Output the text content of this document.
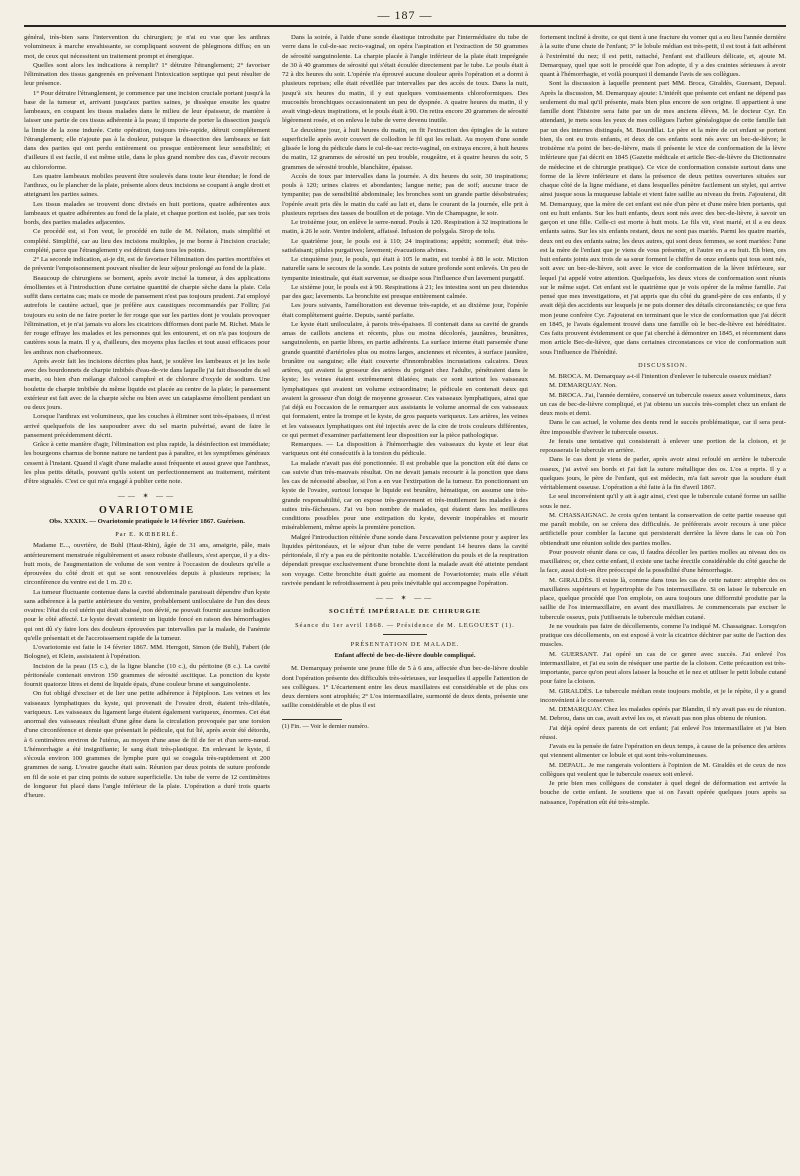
— 187 —

général, très-bien sans l'intervention du chirurgien; je n'ai eu vue que les anthrax volumineux à marche envahissante, se compliquant souvent de phlegmons diffus; en un mot, de ceux qui nécessitent un traitement prompt et énergique.

Quelles sont alors les indications à remplir? 1° détruire l'étranglement; 2° favoriser l'élimination des tissus gangrenés en prévenant l'intoxication septique qui peut résulter de leur présence.

1° Pour détruire l'étranglement, je commence par une incision cruciale portant jusqu'à la base de la tumeur et, arrivant jusqu'aux parties saines, je dissèque ensuite les quatre lambeaux, en coupant les tissus malades dans le milieu de leur épaisseur, de manière à laisser une partie de ces tissus adhérente à la peau; il importe de porter la dissection jusqu'à la limite de la zone indurée. Cette opération, toujours très-rapide, détruit complétement l'étranglement; elle n'ajoute pas à la douleur, puisque la dissection des lambeaux se fait dans des parties qui ont perdu entièrement ou presque entièrement leur sensibilité; et d'ailleurs il est facile, il est même utile, dans le plus grand nombre des cas, d'avoir recours au chloroforme.

Les quatre lambeaux mobiles peuvent être soulevés dans toute leur étendue; le fond de l'anthrax, ou le plancher de la plaie, présente alors deux incisions se coupant à angle droit et atteignant les parties saines.

Les tissus malades se trouvent donc divisés en huit portions, quatre adhérentes aux lambeaux et quatre adhérentes au fond de la plaie, et chaque portion est isolée, par ses trois bords, des parties malades adjacentes.

Ce procédé est, si l'on veut, le procédé en tuile de M. Nélaton, mais simplifié et complété. Simplifié, car au lieu des incisions multiples, je me borne à l'incision cruciale; complété, parce que l'étranglement y est détruit dans tous les points.

2° La seconde indication, ai-je dit, est de favoriser l'élimination des parties mortifiées et de prévenir l'empoisonnement pouvant résulter de leur séjour prolongé au fond de la plaie.

Beaucoup de chirurgiens se bornent, après avoir incisé la tumeur, à des applications émollientes et à l'introduction d'une certaine quantité de charpie sèche dans la plaie. Cela suffit dans certains cas; mais ce mode de pansement n'est pas toujours prudent. J'ai employé autrefois le cautère actuel, que je préfère aux caustiques recommandés par Follin; j'ai toujours eu soin de ne faire porter le fer rouge que sur les parties dont je voulais provoquer l'élimination, et je n'ai jamais vu alors les cicatrices difformes dont parle M. Richet. Mais le fer rouge effraye les malades et les personnes qui les entourent, et on n'a pas toujours de cautères sous la main. Il y a, d'ailleurs, des moyens plus faciles et tout aussi efficaces pour les anthrax non charbonneux.

Après avoir fait les incisions décrites plus haut, je soulève les lambeaux et je les isole avec des bourdonnets de charpie imbibés d'eau-de-vie dans laquelle j'ai fait dissoudre du sel marin, ou bien d'un mélange d'alcool camphré et de chlorure d'oxyde de sodium. Une boulette de charpie imbibée du même liquide est placée au centre de la plaie; le pansement extérieur est fait avec de la charpie sèche ou bien avec un cataplasme émollient pendant un ou deux jours.

Lorsque l'anthrax est volumineux, que les couches à éliminer sont très-épaisses, il m'est arrivé quelquefois de les saupoudrer avec du sel marin pulvérisé, avant de faire le pansement précédemment décrit.

Grâce à cette manière d'agir, l'élimination est plus rapide, la désinfection est immédiate; les bourgeons charnus de bonne nature ne tardent pas à paraître, et les symptômes généraux cessent à l'instant. Quand il s'agit d'une maladie aussi fréquente et aussi grave que l'anthrax, les plus petits détails, pouvant qu'ils soient un perfectionnement au traitement, méritent d'être signalés. C'est ce qui m'a engagé à publier cette note.

—— ✶ ——
OVARIOTOMIE
Obs. XXXIX. — Ovariotomie pratiquée le 14 février 1867. Guérison.
Par E. KŒBERLÉ.

Madame E..., ouvrière, de Buhl (Haut-Rhin), âgée de 31 ans, amaigrie, pâle, mais antérieurement menstruée régulièrement et assez robuste d'ailleurs, s'est aperçue, il y a dix-huit mois, de l'augmentation de volume de son ventre à l'occasion de douleurs qu'elle a éprouvées du côté droit et qui se sont renouvelées depuis à plusieurs reprises; la circonférence du ventre est de 1 m. 20 c.

La tumeur fluctuante contenue dans la cavité abdominale paraissait dépendre d'un kyste sans adhérence à la partie antérieure du ventre, probablement uniloculaire de l'un des deux ovaires: l'état du col utérin qui était abaissé, non dévié, ne pouvait fournir aucune indication pour le côté affecté. Le kyste devait contenir un liquide foncé en raison des hémorrhagies qui ont dû s'y faire lors des douleurs éprouvées par intervalles par la malade, de l'anémie qu'elle présentait et de l'accroissement rapide de la tumeur.

L'ovariotomie est faite le 14 février 1867. MM. Herrgott, Simon (de Buhl), Fabert (de Bologne), et Klein, assistaient à l'opération.

Incision de la peau (15 c.), de la ligne blanche (10 c.), du péritoine (8 c.). La cavité péritonéale contenait environ 150 grammes de sérosité ascitique. La ponction du kyste fournit quatorze litres et demi de liquide épais, d'une couleur brune et sanguinolente.

On fut obligé d'exciser et de lier une petite adhérence à l'épiploon. Les veines et les vaisseaux lymphatiques du kyste, qui provenait de l'ovaire droit, étaient très-dilatés, variqueux. Les vaisseaux du ligament large étaient également variqueux, énormes. Cet état anormal des vaisseaux résultait d'une gêne dans la circulation provoquée par une torsion d'une circonférence et demie que présentait le pédicule, qui fut lié, après avoir été détordu, à 6 centimètres environ de l'utérus, au moyen d'une anse de fil de fer et d'un serre-nœud. L'hémorrhagie a été insignifiante; le sang était très-plastique. En enlevant le kyste, il s'écoula environ 100 grammes de lymphe pure qui se coagula très-rapidement et 200 grammes de sang. L'ovaire gauche était sain. Réunion par deux points de suture profonde en fil de soie et par cinq points de suture superficielle. Un tube de verre de 12 centimètres de longueur fut placé dans l'angle inférieur de la plaie. L'opération a duré trois quarts d'heure.

Dans la soirée, à l'aide d'une sonde élastique introduite par l'intermédiaire du tube de verre dans le cul-de-sac recto-vaginal, on opéra l'aspiration et l'extraction de 50 grammes de sérosité sanguinolente. La charpie placée à l'angle inférieur de la plaie était imprégnée de 30 à 40 grammes de sérosité qui s'était écoulée directement par le tube. Le pouls était à 72 à dix heures du soir. L'opérée n'a éprouvé aucune douleur après l'opération et a dormi à plusieurs reprises; elle était réveillée par intervalles par des accès de toux. Dans la nuit, jusqu'à six heures du matin, il y eut quelques vomissements chloroformiques. Des mucosités bronchiques occasionnaient un peu de dyspnée. A quatre heures du matin, il y avait vingt-deux inspirations, et le pouls était à 90. On retira encore 20 grammes de sérosité légèrement rosée, et on enleva le tube de verre devenu inutile.

Le deuxième jour, à huit heures du matin, on fit l'extraction des épingles de la suture superficielle après avoir couvert de collodion le fil qui les reliait. Au moyen d'une sonde glissée le long du pédicule dans le cul-de-sac recto-vaginal, on extraya encore, à huit heures du matin, 12 grammes de sérosité un peu trouble, rougeâtre, et à quatre heures du soir, 5 grammes de sérosité trouble, blanchâtre, épaisse.

Accès de toux par intervalles dans la journée. A dix heures du soir, 30 inspirations; pouls à 120; urines claires et abondantes; langue nette; pas de soif; aucune trace de tympanite; pas de sensibilité abdominale; les bronches sont un grande partie désobstruées; l'opérée avait pris dès le matin du café au lait et, dans le courant de la journée, elle prit à plusieurs reprises des tasses de bouillon et de potage. Vin de Champagne, le soir.

Le troisième jour, on enlève le serre-nœud. Pouls à 120. Respiration à 32 inspirations le matin, à 26 le soir. Ventre indolent, affaissé. Infusion de polygala. Sirop de tolu.

Le quatrième jour, le pouls est à 110; 24 inspirations; appétit; sommeil; état très-satisfaisant; pilules purgatives; lavement; évacuations alvines.

Le cinquième jour, le pouls, qui était à 105 le matin, est tombé à 88 le soir. Miction naturelle sans le secours de la sonde. Les points de suture profonde sont enlevés. Un peu de tympanite intestinale, qui était survenue, se dissipe sous l'influence d'un lavement purgatif.

Le sixième jour, le pouls est à 90. Respirations à 21; les intestins sont un peu distendus par des gaz; lavements. La bronchite est presque entièrement calmée.

Les jours suivants, l'amélioration est devenue très-rapide, et au dixième jour, l'opérée était complètement guérie. Depuis, santé parfaite.

Le kyste était uniloculaire, à parois très-épaisses. Il contenait dans sa cavité de grands amas de caillots anciens et récents, plus ou moins décolorés, jaunâtres, brunâtres, sanguinolents, en partie libres, en partie adhérents. La surface interne était parsemée d'une grande quantité d'artérioles plus ou moins larges, anciennes et récentes, à surface jaunâtre, brunâtre ou sanguine; elle était couverte d'innombrables incrustations calcaires. Deux artères, qui avaient la grosseur des artères du poignet chez l'adulte, pénétraient dans le kyste; les veines étaient extrêmement dilatées; mais ce sont surtout les vaisseaux lymphatiques qui avaient un volume extraordinaire; le pédicule en contenait deux qui avaient la grosseur d'un doigt de moyenne grosseur. Ces vaisseaux lymphatiques, ainsi que j'ai déjà eu l'occasion de le remarquer aux assistants le volume anormal de ces vaisseaux qui formaient, entre la trompe et le kyste, de gros paquets variqueux. Les artères, les veines et les vaisseaux lymphatiques ont été injectés avec de la cire de trois couleurs différentes, ce qui permet d'examiner parfaitement leur disposition sur la pièce pathologique.

Remarques. — La disposition à l'hémorrhagie des vaisseaux du kyste et leur état variqueux ont été consécutifs à la torsion du pédicule.

La malade n'avait pas été ponctionnée. Il est probable que la ponction eût été dans ce cas suivie d'un très-mauvais résultat. On ne devait jamais recourir à la ponction que dans les cas de nécessité absolue, si l'on a en vue l'extirpation de la tumeur. En ponctionnant un kyste de l'ovaire, surtout lorsque le liquide est brunâtre, hématique, on assume une très-grande responsabilité, car on expose très-gravement et très-inutilement les malades à des suites très-fâcheuses. J'ai vu bon nombre de malades, qui étaient dans les meilleures conditions possibles pour une extirpation du kyste, devenir inopérables et mourir misérablement, même après la première ponction.

Malgré l'introduction réitérée d'une sonde dans l'excavation pelvienne pour y aspirer les liquides péritonéaux, et le séjour d'un tube de verre pendant 14 heures dans la cavité péritonéale, il n'y a pas eu de péritonite notable. L'accélération du pouls et de la respiration dépendait presque exclusivement d'une bronchite dont la malade avait été atteinte pendant son voyage. Cette bronchite était guérie au moment de l'ovariotomie; mais elle s'était ravivée pendant le refroidissement à peu près inévitable qui accompagne l'opération.

—— ✶ ——
SOCIÉTÉ IMPÉRIALE DE CHIRURGIE
Séance du 1er avril 1868. — Présidence de M. LEGOUEST (1).
PRÉSENTATION DE MALADE.
Enfant affecté de bec-de-lièvre double compliqué.

M. Demarquay présente une jeune fille de 5 à 6 ans, affectée d'un bec-de-lièvre double dont l'opération présente des difficultés très-sérieuses, sur lesquelles il appelle l'attention de ses collègues. 1° L'écartement entre les deux maxillaires est considérable et de plus ces deux derniers sont atrophiés; 2° L'os intermaxillaire, surmonté de deux dents, présente une saillie considérable et de plus il est

(1) Fin. — Voir le dernier numéro.

fortement incliné à droite, ce qui tient à une fracture du vomer qui a eu lieu l'année dernière à la suite d'une chute de l'enfant; 3° le lobule médian est très-petit, il est tout à fait adhérent à l'extrémité du nez; il est petit, rattaché, l'enfant est d'ailleurs délicate, et, ajoute M. Demarquay, quel que soit le procédé que l'on adopte, il y a des craintes sérieuses à avoir quant à l'hémorrhagie, et voilà pourquoi il demande l'avis de ses collègues.

Sont la discussion à laquelle prennent part MM. Broca, Giraldès, Guersant, Depaul. Après la discussion, M. Demarquay ajoute: L'intérêt que présente cet enfant ne dépend pas seulement du mal qu'il présente, mais bien plus encore de son origine. Il appartient à une famille dont l'histoire sera faite par un de mes anciens élèves, M. le docteur Cyr. En attendant, je mets sous les yeux de mes collègues l'arbre généalogique de cette famille fait par un des internes distingués, M. Bourdillat. Le père et la mère de cet enfant se portent bien, ils ont eu trois enfants, et deux de ces enfants sont nés avec un bec-de-lièvre; le troisième n'a point de bec-de-lièvre, mais il présente le vice de conformation de la lèvre inférieure que j'ai décrit en 1845 (Gazette médicale et article Bec-de-lièvre du Dictionnaire de médecine et de chirurgie pratique). Ce vice de conformation consiste surtout dans une forme de la lèvre inférieure et dans la présence de deux petites ouvertures situées sur chaque côté de la ligne médiane, et dans lesquelles pénètre facilement un stylet, qui arrive ainsi jusque sous la muqueuse labiale et vient faire saillie au niveau du frein. J'ajouterai, dit M. Demarquay, que la mère de cet enfant est née d'un père et d'une mère bien portants, qui ont eu huit enfants. Sur les huit enfants, deux sont nés avec des bec-de-lièvre, à savoir un garçon et une fille. Celle-ci est morte à huit mois. Le fils vit, s'est marié, et il a eu deux enfants sains. Sur les six enfants restant, deux ne sont pas mariés. Parmi les quatre mariés, deux ont eu des enfants sains; les deux autres, qui sont deux femmes, se sont mariées: l'une est la mère de l'enfant que je viens de vous présenter, et l'autre en a eu huit. Eh bien, ces huit enfants joints aux trois de sa sœur forment le chiffre de onze enfants qui tous sont nés, soit avec un bec-de-lièvre, soit avec le vice de conformation de la lèvre inférieure, sur lequel j'ai appelé votre attention. Quelquefois, les deux vices de conformation sont réunis sur le même sujet. Cet enfant est le quatrième que je vois opérer de la même famille. J'ai pensé que mes investigations, et j'ai appris que du côté du grand-père de ces enfants, il y avait déjà des accidents sur lesquels je ne puis donner des détails circonstanciés; ce que fera mon jeune confrère Cyr. J'ajouterai en terminant que le vice de conformation que j'ai décrit en 1845, je l'avais également trouvé dans une famille où le bec-de-lièvre est héréditaire. Ces faits prouvent évidemment ce que j'ai cherché à démontrer en 1845, et récemment dans mon article Bec-de-lièvre, que dans certaines circonstances ce vice de conformation suit sous l'influence de l'hérédité.

DISCUSSION.

M. BROCA. M. Demarquay a-t-il l'intention d'enlever le tubercule osseux médian?

M. DEMARQUAY. Non.

M. BROCA. J'ai, l'année dernière, conservé un tubercule osseux assez volumineux, dans un cas de bec-de-lièvre compliqué, et j'ai obtenu un succès très-complet chez un enfant de deux mois et demi.

Dans le cas actuel, le volume des dents rend le succès problématique, car il sera peut-être impossible d'aviver le tubercule osseux.

Je ferais une tentative qui consisterait à enlever une portion de la cloison, et je repousserais le tubercule en arrière.

Dans le cas dont je viens de parler, après avoir ainsi refoulé en arrière le tubercule osseux, j'ai avivé ses bords et j'ai fait la suture métallique des os. L'os a repris. Il y a quelques jours, le père de l'enfant, qui est médecin, m'a fait savoir que la soudure était véritablement osseuse. L'opération a été faite à la fin d'avril 1867.

Le seul inconvénient qu'il y ait à agir ainsi, c'est que le tubercule cutané forme un saillie sous le nez.

M. CHASSAIGNAC. Je crois qu'en tentant la conservation de cette partie osseuse qui me paraît mobile, on se créera des difficultés. Je préférerais avoir recours à une pièce artificielle pour combler la lacune qui persisterait derrière la lèvre dans le cas où l'on obtiendrait une réunion solide des parties molles.

Pour pouvoir réunir dans ce cas, il faudra décoller les parties molles au niveau des os maxillaires; or, chez cette enfant, il existe une tache érectile considérable du côté gauche de la face, aussi doit-on être préoccupé de la possibilité d'une hémorrhagie.

M. GIRALDÈS. Il existe là, comme dans tous les cas de cette nature: atrophie des os maxillaires supérieurs et hypertrophie de l'os intermaxillaire. Si on laisse le tubercule en place, quelque procédé que l'on emploie, on aura toujours une difformité produite par la saillie de l'os intermaxillaire, en avant des maxillaires. Je commencerais par exciser le tubercule osseux, puis j'utiliserais le tubercule médian cutané.

Je ne voudrais pas faire de décollements, comme l'a indiqué M. Chassaignac. Lorsqu'on pratique ces décollements, on est exposé à voir la cicatrice déchirer par suite de l'action des muscles.

M. GUERSANT. J'ai opéré un cas de ce genre avec succès. J'ai enlevé l'os intermaxillaire, et j'ai eu soin de réséquer une partie de la cloison. Cette précaution est très-importante, parce qu'on peut alors laisser la bouche et le nez et utiliser le petit lobule cutané pour faire la cloison.

M. GIRALDÈS. Le tubercule médian reste toujours mobile, et je le répète, il y a grand inconvénient à le conserver.

M. DEMARQUAY. Chez les malades opérés par Blandin, il n'y avait pas eu de réunion. M. Debrou, dans un cas, avait avivé les os, et n'avait pas non plus obtenu de réunion.

J'ai déjà opéré deux parents de cet enfant; j'ai enlevé l'os intermaxillaire et j'ai bien réussi.

J'avais eu la pensée de faire l'opération en deux temps, à cause de la présence des artères qui viennent alimenter ce lobule et qui sont très-volumineuses.

M. DEPAUL. Je me rangerais volontiers à l'opinion de M. Giraldès et de ceux de nos collègues qui veulent que le tubercule osseux soit enlevé.

Je prie bien mes collègues de constater à quel degré de déformation est arrivée la bouche de cette enfant. Je soutiens que si on l'avait opérée quelques jours après sa naissance, l'opération eût été très-simple.
